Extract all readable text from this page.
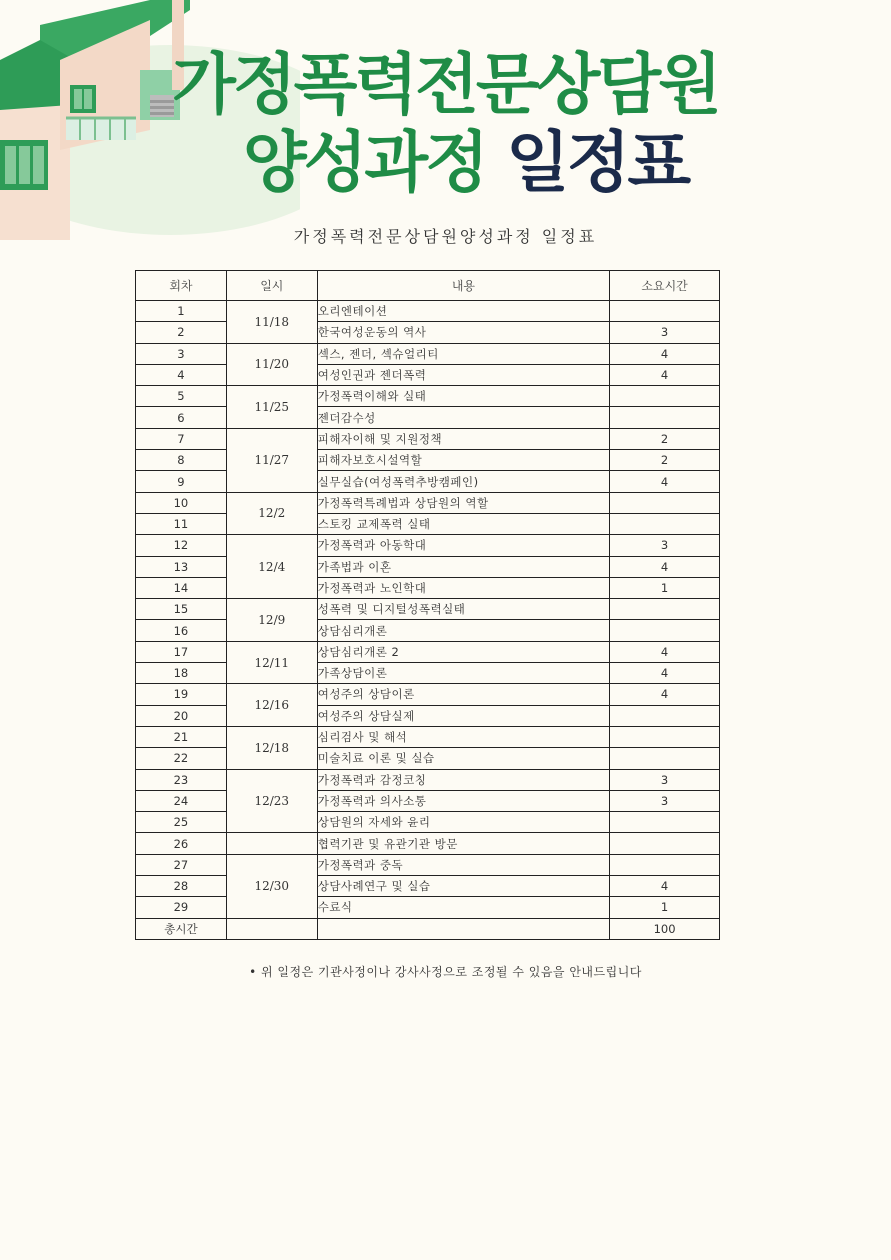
가정폭력전문상담원
양성과정 일정표
가정폭력전문상담원양성과정 일정표
회차	일시	내용	소요시간
1	11/18	오리엔테이션	
2		한국여성운동의 역사	3
3	11/20	섹스, 젠더, 섹슈얼리티	4
4		여성인권과 젠더폭력	4
5	11/25	가정폭력이해와 실태	
6		젠더감수성	
7	11/27	피해자이해 및 지원정책	2
8		피해자보호시설역할	2
9		실무실습(여성폭력추방캠페인)	4
10	12/2	가정폭력특례법과 상담원의 역할	
11		스토킹 교제폭력 실태	
12	12/4	가정폭력과 아동학대	3
13		가족법과 이혼	4
14		가정폭력과 노인학대	1
15	12/9	성폭력 및 디지털성폭력실태	
16		상담심리개론	
17	12/11	상담심리개론 2	4
18		가족상담이론	4
19	12/16	여성주의 상담이론	4
20		여성주의 상담실제	
21	12/18	심리검사 및 해석	
22		미술치료 이론 및 실습	
23	12/23	가정폭력과 감정코칭	3
24		가정폭력과 의사소통	3
25		상담원의 자세와 윤리	
26		협력기관 및 유관기관 방문	
27	12/30	가정폭력과 중독	
28		상담사례연구 및 실습	4
29		수료식	1
총시간			100
• 위 일정은 기관사정이나 강사사정으로 조정될 수 있음을 안내드립니다
